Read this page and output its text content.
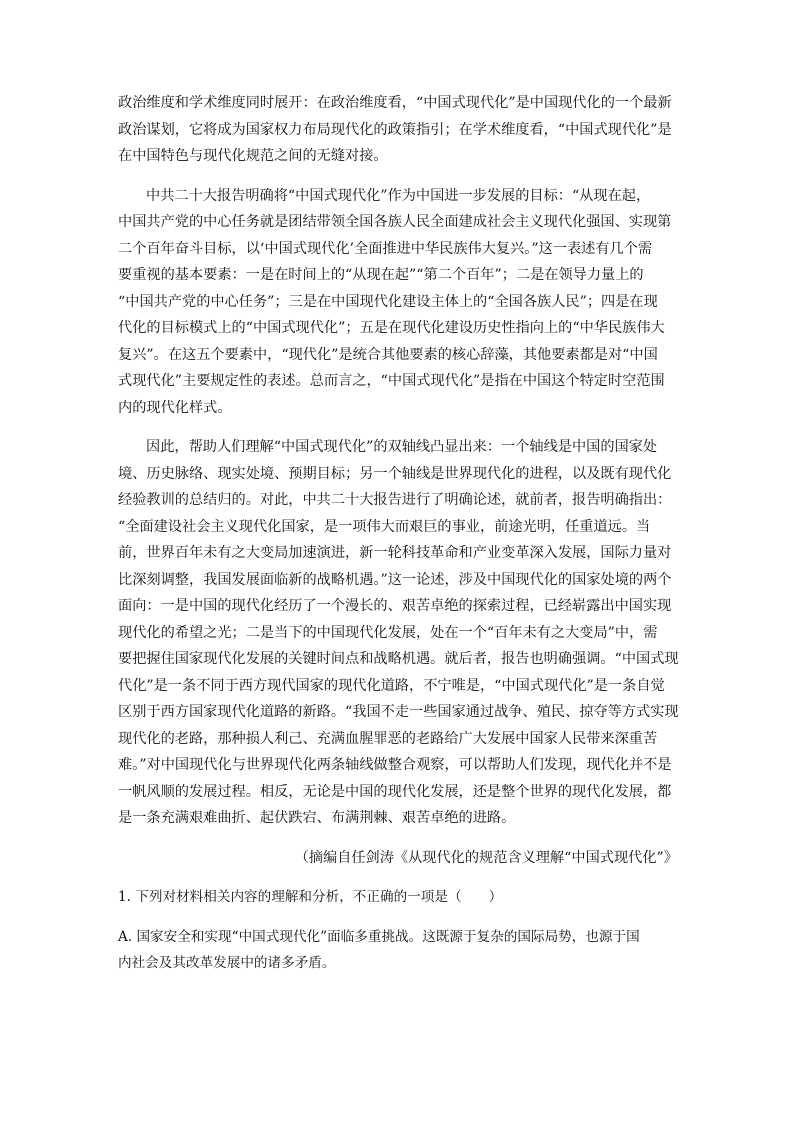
政治维度和学术维度同时展开：在政治维度看，“中国式现代化”是中国现代化的一个最新
政治谋划，它将成为国家权力布局现代化的政策指引；在学术维度看，“中国式现代化”是
在中国特色与现代化规范之间的无缝对接。
中共二十大报告明确将“中国式现代化”作为中国进一步发展的目标：“从现在起，
中国共产党的中心任务就是团结带领全国各族人民全面建成社会主义现代化强国、实现第
二个百年奋斗目标，以‘中国式现代化’全面推进中华民族伟大复兴。”这一表述有几个需
要重视的基本要素：一是在时间上的“从现在起”“第二个百年”；二是在领导力量上的
“中国共产党的中心任务”；三是在中国现代化建设主体上的“全国各族人民”；四是在现
代化的目标模式上的“中国式现代化”；五是在现代化建设历史性指向上的“中华民族伟大
复兴”。在这五个要素中，“现代化”是统合其他要素的核心辞藻，其他要素都是对“中国
式现代化”主要规定性的表述。总而言之，“中国式现代化”是指在中国这个特定时空范围
内的现代化样式。
因此，帮助人们理解“中国式现代化”的双轴线凸显出来：一个轴线是中国的国家处
境、历史脉络、现实处境、预期目标；另一个轴线是世界现代化的进程，以及既有现代化
经验教训的总结归的。对此，中共二十大报告进行了明确论述，就前者，报告明确指出：
“全面建设社会主义现代化国家，是一项伟大而艰巨的事业，前途光明，任重道远。当
前，世界百年未有之大变局加速演进，新一轮科技革命和产业变革深入发展，国际力量对
比深刻调整，我国发展面临新的战略机遇。”这一论述，涉及中国现代化的国家处境的两个
面向：一是中国的现代化经历了一个漫长的、艰苦卓绝的探索过程，已经崭露出中国实现
现代化的希望之光；二是当下的中国现代化发展，处在一个“百年未有之大变局”中，需
要把握住国家现代化发展的关键时间点和战略机遇。就后者，报告也明确强调。“中国式现
代化”是一条不同于西方现代国家的现代化道路，不宁唯是，“中国式现代化”是一条自觉
区别于西方国家现代化道路的新路。“我国不走一些国家通过战争、殖民、掠夺等方式实现
现代化的老路，那种损人利己、充满血腥罪恶的老路给广大发展中国家人民带来深重苦
难。”对中国现代化与世界现代化两条轴线做整合观察，可以帮助人们发现，现代化并不是
一帆风顺的发展过程。相反，无论是中国的现代化发展，还是整个世界的现代化发展，都
是一条充满艰难曲折、起伏跌宕、布满荆棘、艰苦卓绝的进路。
（摘编自任剑涛《从现代化的规范含义理解“中国式现代化”》
1. 下列对材料相关内容的理解和分析，不正确的一项是（　　）
A. 国家安全和实现“中国式现代化”面临多重挑战。这既源于复杂的国际局势，也源于国
内社会及其改革发展中的诸多矛盾。
